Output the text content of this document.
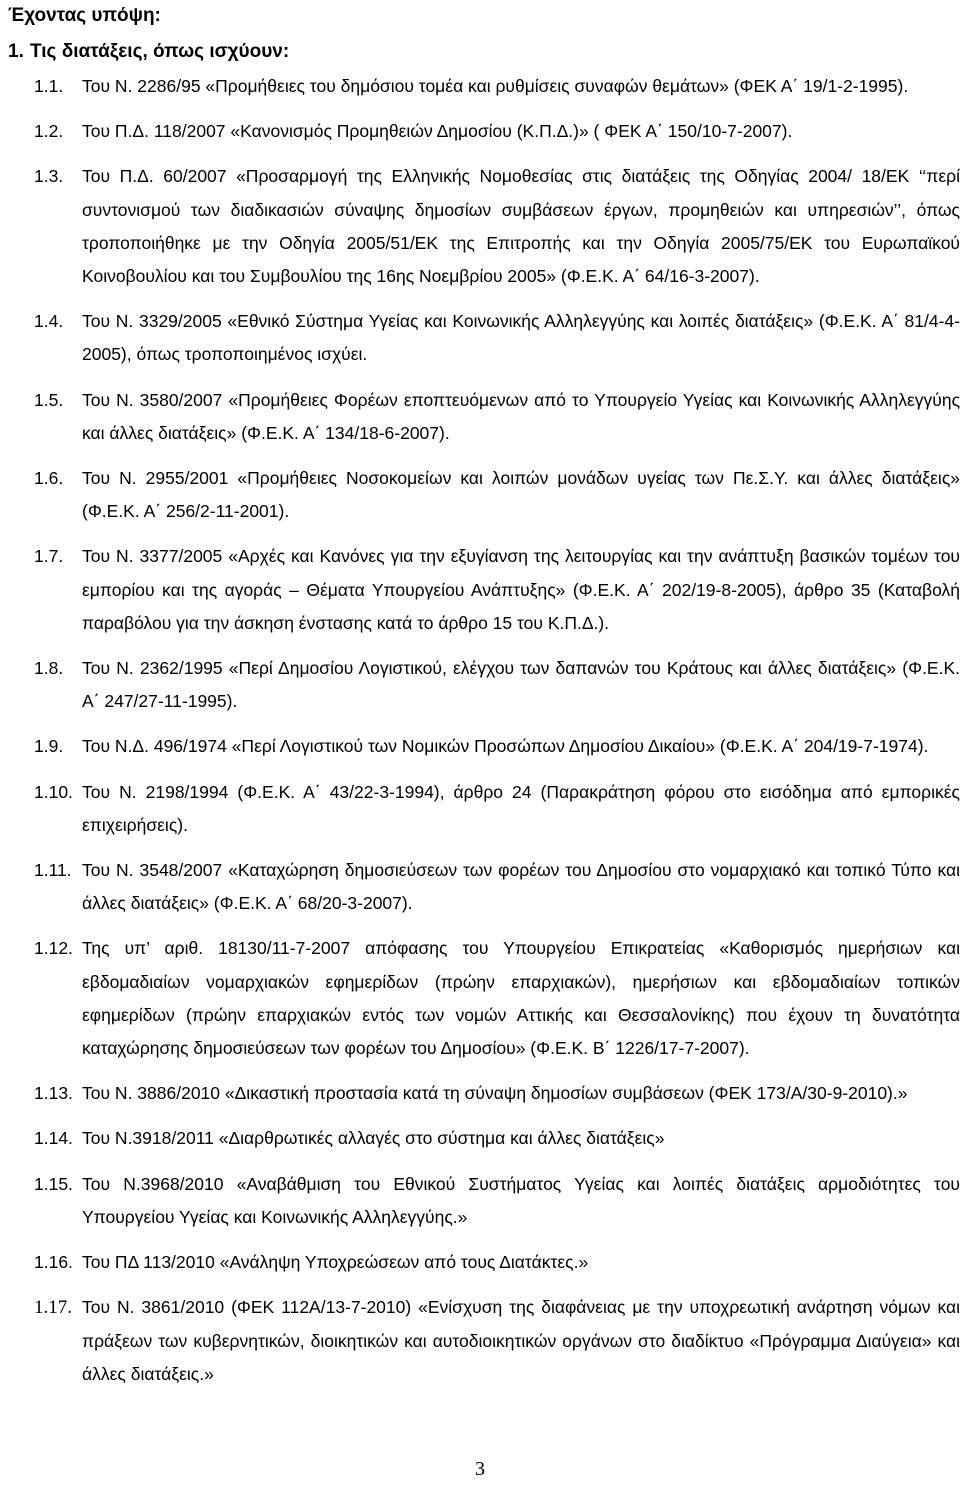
Έχοντας υπόψη:
1. Τις διατάξεις, όπως ισχύουν:
1.1.	Του Ν. 2286/95 «Προμήθειες του δημόσιου τομέα και ρυθμίσεις συναφών θεμάτων» (ΦΕΚ Α΄ 19/1-2-1995).
1.2.	Του Π.Δ. 118/2007 «Κανονισμός Προμηθειών Δημοσίου (Κ.Π.Δ.)» ( ΦΕΚ Α΄ 150/10-7-2007).
1.3.	Του Π.Δ. 60/2007 «Προσαρμογή της Ελληνικής Νομοθεσίας στις διατάξεις της Οδηγίας 2004/ 18/ΕΚ ‘‘περί συντονισμού των διαδικασιών σύναψης δημοσίων συμβάσεων έργων, προμηθειών και υπηρεσιών’’, όπως τροποποιήθηκε με την Οδηγία 2005/51/ΕΚ της Επιτροπής και την Οδηγία 2005/75/ΕΚ του Ευρωπαϊκού Κοινοβουλίου και του Συμβουλίου της 16ης Νοεμβρίου 2005» (Φ.Ε.Κ. Α΄ 64/16-3-2007).
1.4.	Του Ν. 3329/2005 «Εθνικό Σύστημα Υγείας και Κοινωνικής Αλληλεγγύης και λοιπές διατάξεις» (Φ.Ε.Κ. Α΄ 81/4-4-2005), όπως τροποποιημένος ισχύει.
1.5.	Του Ν. 3580/2007 «Προμήθειες Φορέων εποπτευόμενων από το Υπουργείο Υγείας και Κοινωνικής Αλληλεγγύης και άλλες διατάξεις» (Φ.Ε.Κ. Α΄ 134/18-6-2007).
1.6.	Του Ν. 2955/2001 «Προμήθειες Νοσοκομείων και λοιπών μονάδων υγείας των Πε.Σ.Υ. και άλλες διατάξεις» (Φ.Ε.Κ. Α΄ 256/2-11-2001).
1.7.	Του Ν. 3377/2005 «Αρχές και Κανόνες για την εξυγίανση της λειτουργίας και την ανάπτυξη βασικών τομέων του εμπορίου και της αγοράς – Θέματα Υπουργείου Ανάπτυξης» (Φ.Ε.Κ. Α΄ 202/19-8-2005), άρθρο 35 (Καταβολή παραβόλου για την άσκηση ένστασης κατά το άρθρο 15 του Κ.Π.Δ.).
1.8.	Του Ν. 2362/1995 «Περί Δημοσίου Λογιστικού, ελέγχου των δαπανών του Κράτους και άλλες διατάξεις» (Φ.Ε.Κ. Α΄ 247/27-11-1995).
1.9.	Του Ν.Δ. 496/1974 «Περί Λογιστικού των Νομικών Προσώπων Δημοσίου Δικαίου» (Φ.Ε.Κ. Α΄ 204/19-7-1974).
1.10. Του Ν. 2198/1994 (Φ.Ε.Κ. Α΄ 43/22-3-1994), άρθρο 24 (Παρακράτηση φόρου στο εισόδημα από εμπορικές επιχειρήσεις).
1.11. Του Ν. 3548/2007 «Καταχώρηση δημοσιεύσεων των φορέων του Δημοσίου στο νομαρχιακό και τοπικό Τύπο και άλλες διατάξεις» (Φ.Ε.Κ. Α΄ 68/20-3-2007).
1.12. Της υπ’ αριθ. 18130/11-7-2007 απόφασης του Υπουργείου Επικρατείας «Καθορισμός ημερήσιων και εβδομαδιαίων νομαρχιακών εφημερίδων (πρώην επαρχιακών), ημερήσιων και εβδομαδιαίων τοπικών εφημερίδων (πρώην επαρχιακών εντός των νομών Αττικής και Θεσσαλονίκης) που έχουν τη δυνατότητα καταχώρησης δημοσιεύσεων των φορέων του Δημοσίου» (Φ.Ε.Κ. Β΄ 1226/17-7-2007).
1.13. Του Ν. 3886/2010 «Δικαστική προστασία κατά τη σύναψη δημοσίων συμβάσεων (ΦΕΚ 173/Α/30-9-2010).»
1.14. Του Ν.3918/2011 «Διαρθρωτικές αλλαγές στο σύστημα και άλλες διατάξεις»
1.15. Του Ν.3968/2010 «Αναβάθμιση του Εθνικού Συστήματος Υγείας και λοιπές διατάξεις αρμοδιότητες του Υπουργείου Υγείας και Κοινωνικής Αλληλεγγύης.»
1.16. Του ΠΔ 113/2010 «Ανάληψη Υποχρεώσεων από τους Διατάκτες.»
1.17. Του Ν. 3861/2010 (ΦΕΚ 112Α/13-7-2010) «Ενίσχυση της διαφάνειας με την υποχρεωτική ανάρτηση νόμων και πράξεων των κυβερνητικών, διοικητικών και αυτοδιοικητικών οργάνων στο διαδίκτυο «Πρόγραμμα Διαύγεια» και άλλες διατάξεις.»
3
